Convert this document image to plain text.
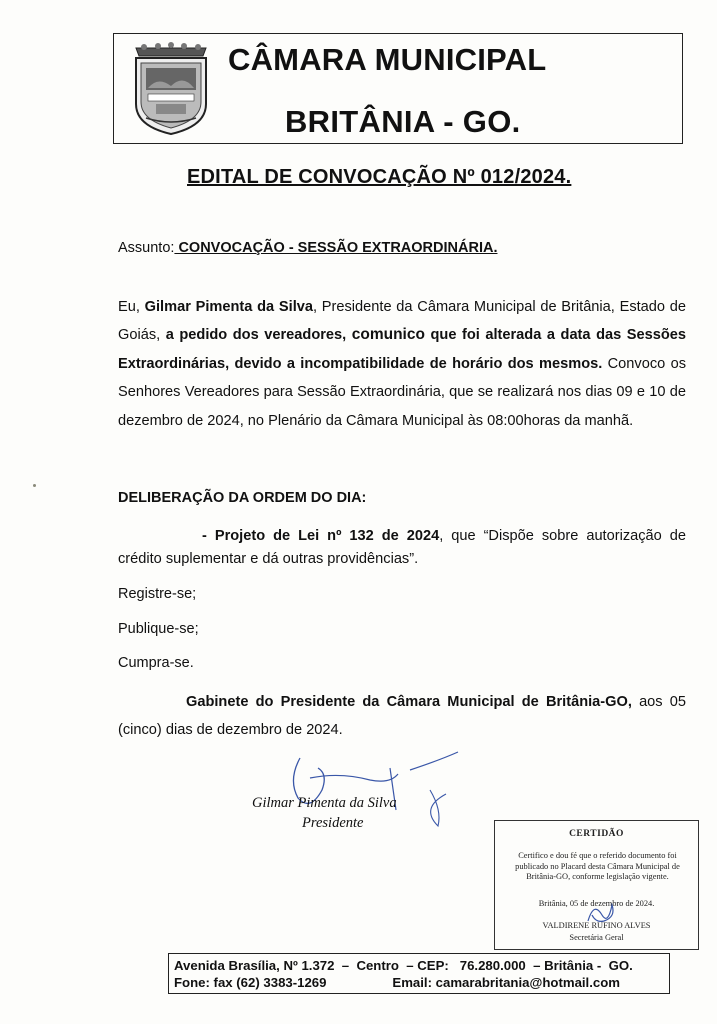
CÂMARA MUNICIPAL
BRITÂNIA - GO.
EDITAL DE CONVOCAÇÃO Nº 012/2024.
Assunto: CONVOCAÇÃO - SESSÃO EXTRAORDINÁRIA.
Eu, Gilmar Pimenta da Silva, Presidente da Câmara Municipal de Britânia, Estado de Goiás, a pedido dos vereadores, comunico que foi alterada a data das Sessões Extraordinárias, devido a incompatibilidade de horário dos mesmos. Convoco os Senhores Vereadores para Sessão Extraordinária, que se realizará nos dias 09 e 10 de dezembro de 2024, no Plenário da Câmara Municipal às 08:00horas da manhã.
DELIBERAÇÃO DA ORDEM DO DIA:
- Projeto de Lei nº 132 de 2024, que “Dispõe sobre autorização de crédito suplementar e dá outras providências”.
Registre-se;
Publique-se;
Cumpra-se.
Gabinete do Presidente da Câmara Municipal de Britânia-GO, aos 05 (cinco) dias de dezembro de 2024.
Gilmar Pimenta da Silva
Presidente
CERTIDÃO
Certifico e dou fé que o referido documento foi publicado no Placard desta Câmara Municipal de Britânia-GO, conforme legislação vigente.
Britânia, 05 de dezembro de 2024.
VALDIRENE RUFINO ALVES
Secretária Geral
Avenida Brasília, Nº 1.372  –  Centro  – CEP:   76.280.000  – Britânia -  GO.
Fone: fax (62) 3383-1269                  Email: camarabritania@hotmail.com
